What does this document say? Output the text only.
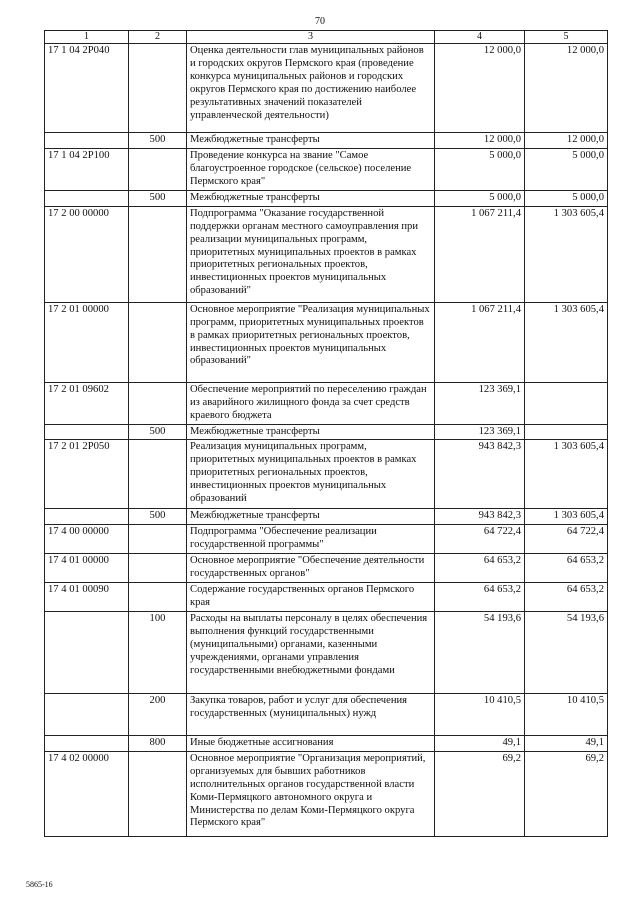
70
1	2	3	4	5
17 1 04 2Р040		Оценка деятельности глав муниципальных районов и городских округов Пермского края (проведение конкурса муниципальных районов и городских округов Пермского края по достижению наиболее результативных значений показателей управленческой деятельности)	12 000,0	12 000,0
	500	Межбюджетные трансферты	12 000,0	12 000,0
17 1 04 2Р100		Проведение конкурса на звание "Самое благоустроенное городское (сельское) поселение Пермского края"	5 000,0	5 000,0
	500	Межбюджетные трансферты	5 000,0	5 000,0
17 2 00 00000		Подпрограмма "Оказание государственной поддержки органам местного самоуправления при реализации муниципальных программ, приоритетных муниципальных проектов в рамках приоритетных региональных проектов, инвестиционных проектов муниципальных образований"	1 067 211,4	1 303 605,4
17 2 01 00000		Основное мероприятие "Реализация муниципальных программ, приоритетных муниципальных проектов в рамках приоритетных региональных проектов, инвестиционных проектов муниципальных образований"	1 067 211,4	1 303 605,4
17 2 01 09602		Обеспечение мероприятий по переселению граждан из аварийного жилищного фонда за счет средств краевого бюджета	123 369,1	
	500	Межбюджетные трансферты	123 369,1	
17 2 01 2Р050		Реализация муниципальных программ, приоритетных муниципальных проектов в рамках приоритетных региональных проектов, инвестиционных проектов муниципальных образований	943 842,3	1 303 605,4
	500	Межбюджетные трансферты	943 842,3	1 303 605,4
17 4 00 00000		Подпрограмма "Обеспечение реализации государственной программы"	64 722,4	64 722,4
17 4 01 00000		Основное мероприятие "Обеспечение деятельности государственных органов"	64 653,2	64 653,2
17 4 01 00090		Содержание государственных органов Пермского края	64 653,2	64 653,2
	100	Расходы на выплаты персоналу в целях обеспечения выполнения функций государственными (муниципальными) органами, казенными учреждениями, органами управления государственными внебюджетными фондами	54 193,6	54 193,6
	200	Закупка товаров, работ и услуг для обеспечения государственных (муниципальных) нужд	10 410,5	10 410,5
	800	Иные бюджетные ассигнования	49,1	49,1
17 4 02 00000		Основное мероприятие "Организация мероприятий, организуемых для бывших работников исполнительных органов государственной власти Коми-Пермяцкого автономного округа и Министерства по делам Коми-Пермяцкого округа Пермского края"	69,2	69,2
5865-16
